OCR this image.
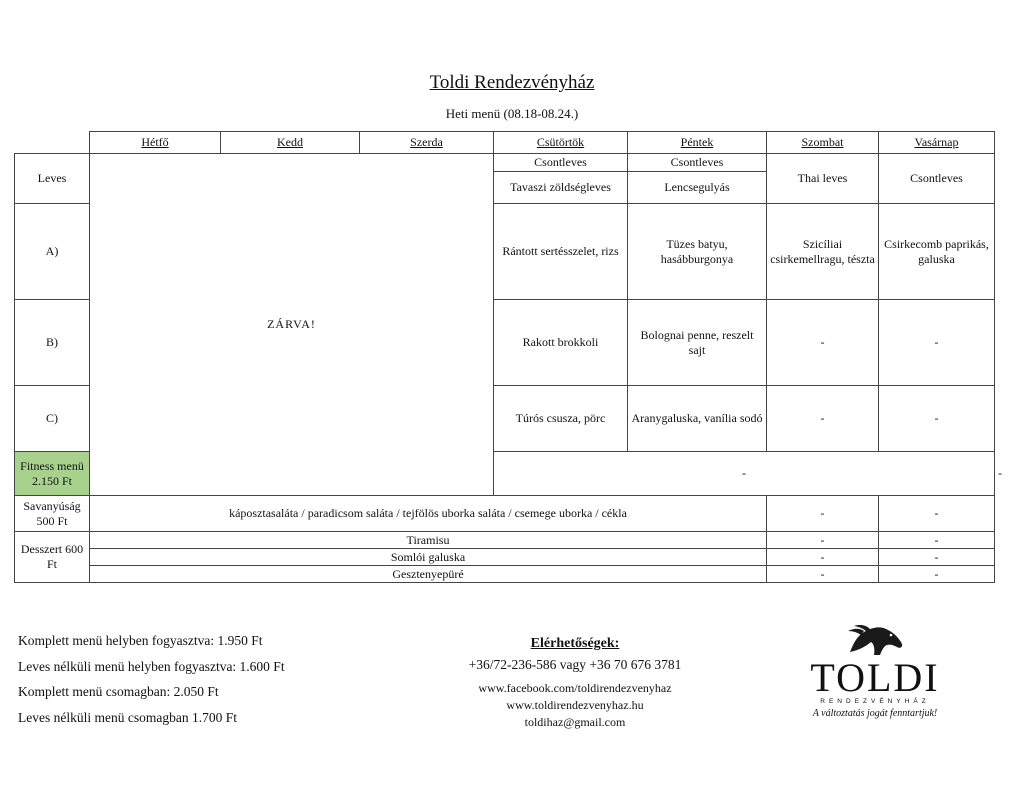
Toldi Rendezvényház
Heti menü (08.18-08.24.)
	Hétfő	Kedd	Szerda	Csütörtök	Péntek	Szombat	Vasárnap	
Leves	ZÁRVA!			Csontleves	Csontleves	Thai leves	Csontleves	
				Tavaszi zöldségleves	Lencsegulyás			
A)				Rántott sertésszelet, rizs	Tüzes batyu, hasábburgonya	Szicíliai csirkemellragu, tészta	Csirkecomb paprikás, galuska	
B)				Rakott brokkoli	Bolognai penne, reszelt sajt	-	-	
C)				Túrós csusza, pörc	Aranygaluska, vanília sodó	-	-	
Fitness menü 2.150 Ft				-				-
Savanyúság 500 Ft	káposztasaláta / paradicsom saláta / tejfölös uborka saláta / csemege uborka / cékla					-	-	
Desszert 600 Ft	Tiramisu					-	-	
	Somlói galuska					-	-	
	Gesztenyepüré					-	-	
Komplett menü helyben fogyasztva: 1.950 Ft
Leves nélküli menü helyben fogyasztva: 1.600 Ft
Komplett menü csomagban: 2.050 Ft
Leves nélküli menü csomagban 1.700 Ft
Elérhetőségek:
+36/72-236-586 vagy +36 70 676 3781
www.facebook.com/toldirendezvenyhaz
www.toldirendezvenyhaz.hu
toldihaz@gmail.com
TOLDI
RENDEZVÉNYHÁZ
A változtatás jogát fenntartjuk!
